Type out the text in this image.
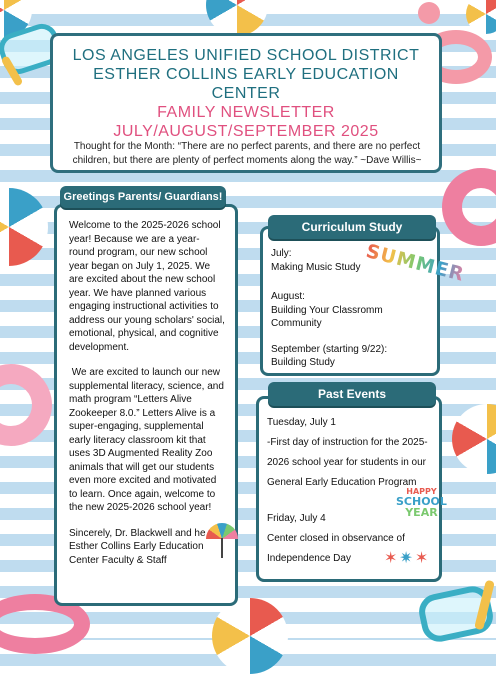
LOS ANGELES UNIFIED SCHOOL DISTRICT
ESTHER COLLINS EARLY EDUCATION
CENTER
FAMILY NEWSLETTER
JULY/AUGUST/SEPTEMBER 2025
Thought for the Month: “There are no perfect parents, and there are no perfect children, but there are plenty of perfect moments along the way.” ~Dave Willis~

Welcome to the 2025-2026 school year! Because we are a year-round program, our new school year began on July 1, 2025. We are excited about the new school year. We have planned various engaging instructional activities to address our young scholars' social, emotional, physical, and cognitive development.

We are excited to launch our new supplemental literacy, science, and math program “Letters Alive Zookeeper 8.0.” Letters Alive is a super-engaging, supplemental early literacy classroom kit that uses 3D Augmented Reality Zoo animals that will get our students even more excited and motivated to learn. Once again, welcome to the new 2025-2026 school year!

Sincerely, Dr. Blackwell and he Esther Collins Early Education Center Faculty & Staff

Greetings Parents/ Guardians!

July:
Making Music Study

August:
Building Your Classromm Community

September (starting 9/22):
Building Study

Curriculum Study
SUMMER

Tuesday, July 1

-First day of instruction for the 2025-2026 school year for students in our General Early Education Program

Friday, July 4

Center closed in observance of Independence Day

Past Events
HAPPY
SCHOOL
YEAR
✶✷✶
